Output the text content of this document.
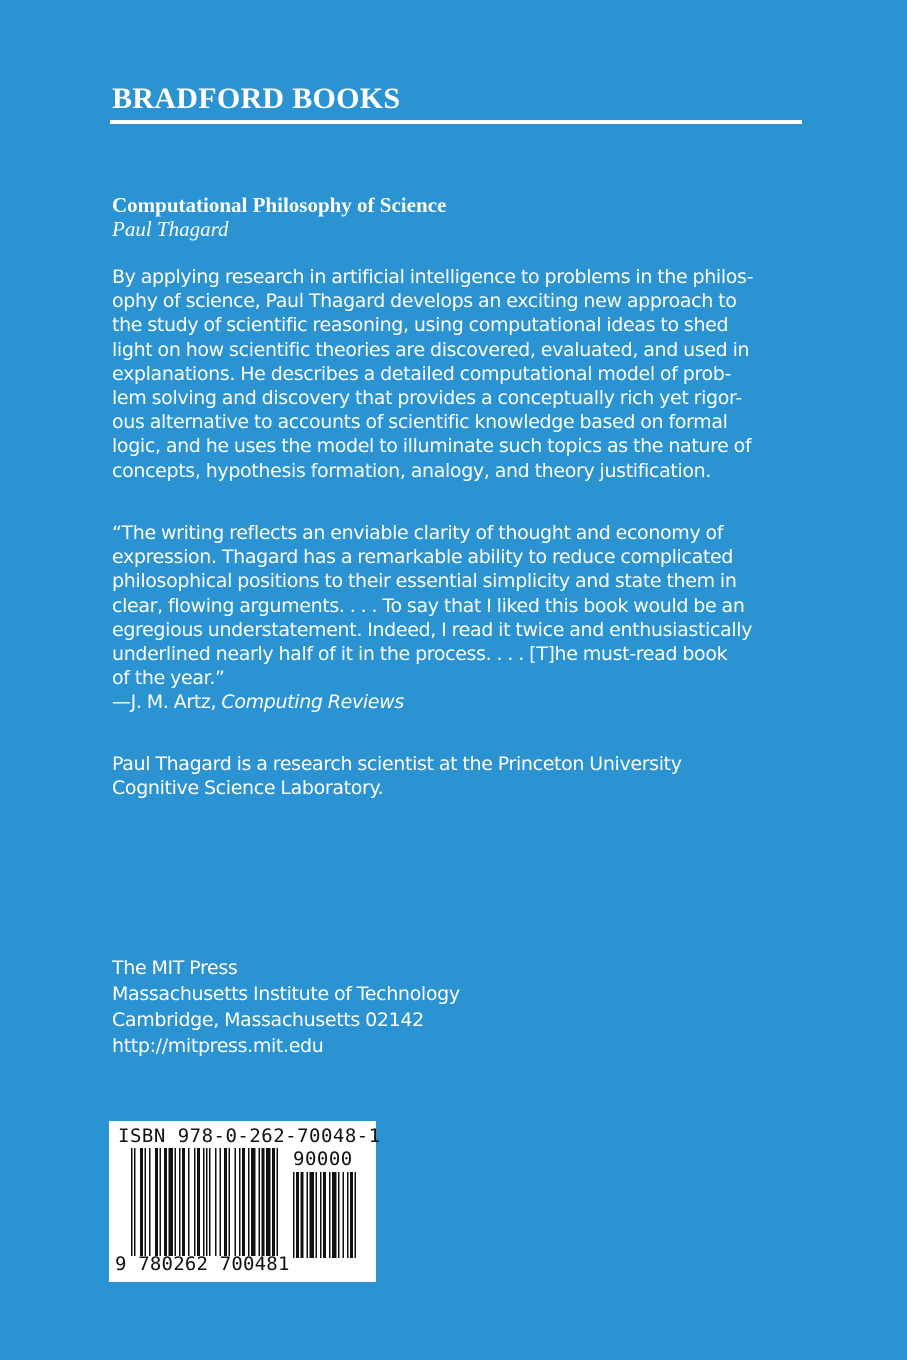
BRADFORD BOOKS
Computational Philosophy of Science
Paul Thagard
By applying research in artificial intelligence to problems in the philos-
ophy of science, Paul Thagard develops an exciting new approach to
the study of scientific reasoning, using computational ideas to shed
light on how scientific theories are discovered, evaluated, and used in
explanations. He describes a detailed computational model of prob-
lem solving and discovery that provides a conceptually rich yet rigor-
ous alternative to accounts of scientific knowledge based on formal
logic, and he uses the model to illuminate such topics as the nature of
concepts, hypothesis formation, analogy, and theory justification.
“The writing reflects an enviable clarity of thought and economy of
expression. Thagard has a remarkable ability to reduce complicated
philosophical positions to their essential simplicity and state them in
clear, flowing arguments. . . . To say that I liked this book would be an
egregious understatement. Indeed, I read it twice and enthusiastically
underlined nearly half of it in the process. . . . [T]he must-read book
of the year.”
—J. M. Artz, Computing Reviews
Paul Thagard is a research scientist at the Princeton University
Cognitive Science Laboratory.
The MIT Press
Massachusetts Institute of Technology
Cambridge, Massachusetts 02142
http://mitpress.mit.edu
ISBN 978-0-262-70048-1
90000
9 780262 700481
